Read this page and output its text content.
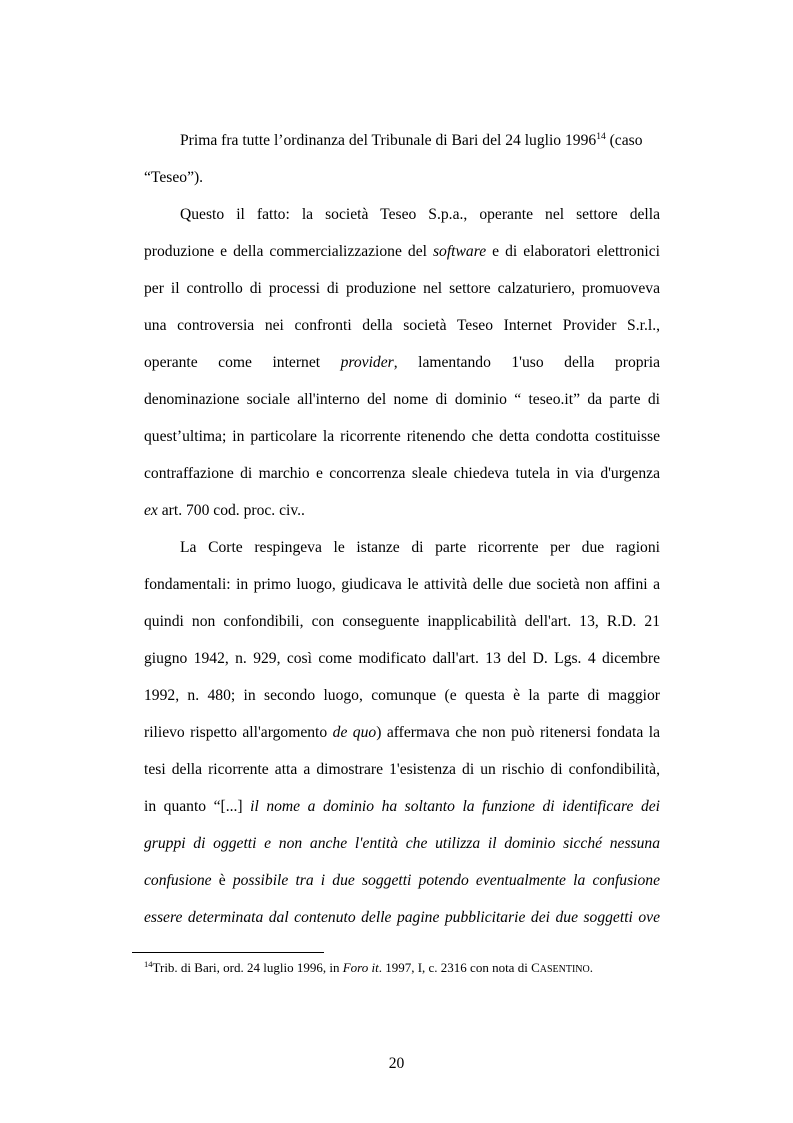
Prima fra tutte l’ordinanza del Tribunale di Bari del 24 luglio 1996$^{14}$ (caso
“Teseo”).
Questo il fatto: la società Teseo S.p.a., operante nel settore della
produzione e della commercializzazione del software e di elaboratori elettronici
per il controllo di processi di produzione nel settore calzaturiero, promuoveva
una controversia nei confronti della società Teseo Internet Provider S.r.l.,
operante come internet provider, lamentando 1'uso della propria
denominazione sociale all'interno del nome di dominio “ teseo.it” da parte di
quest’ultima; in particolare la ricorrente ritenendo che detta condotta costituisse
contraffazione di marchio e concorrenza sleale chiedeva tutela in via d'urgenza
ex art. 700 cod. proc. civ..
La Corte respingeva le istanze di parte ricorrente per due ragioni
fondamentali: in primo luogo, giudicava le attività delle due società non affini a
quindi non confondibili, con conseguente inapplicabilità dell'art. 13, R.D. 21
giugno 1942, n. 929, così come modificato dall'art. 13 del D. Lgs. 4 dicembre
1992, n. 480; in secondo luogo, comunque (e questa è la parte di maggior
rilievo rispetto all'argomento de quo) affermava che non può ritenersi fondata la
tesi della ricorrente atta a dimostrare 1'esistenza di un rischio di confondibilità,
in quanto “[...] il nome a dominio ha soltanto la funzione di identificare dei
gruppi di oggetti e non anche l'entità che utilizza il dominio sicché nessuna
confusione è possibile tra i due soggetti potendo eventualmente la confusione
essere determinata dal contenuto delle pagine pubblicitarie dei due soggetti ove
$^{14}$Trib. di Bari, ord. 24 luglio 1996, in Foro it. 1997, I, c. 2316 con nota di CASENTINO.
20
